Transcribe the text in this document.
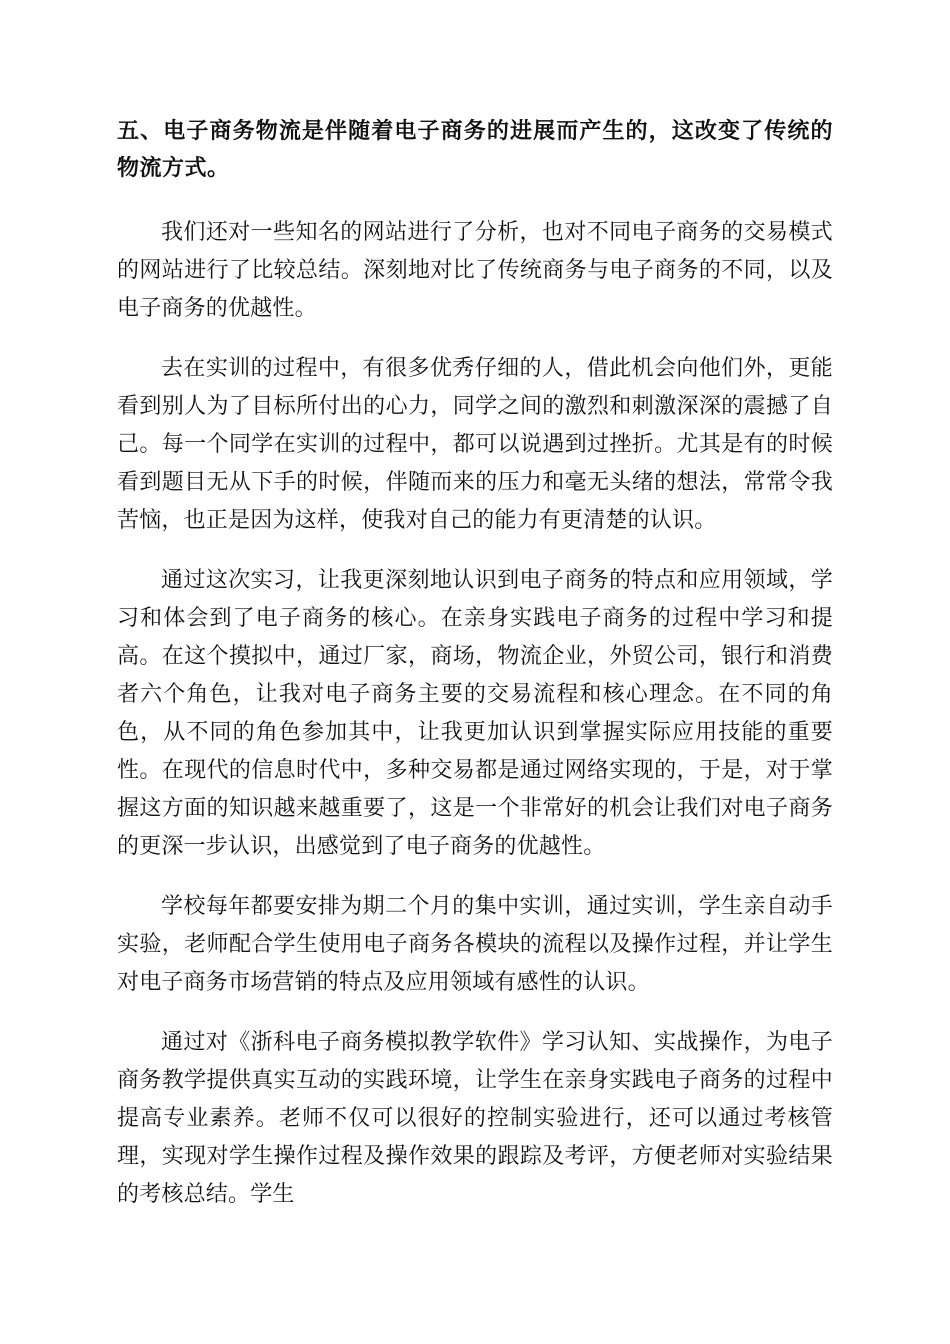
五、电子商务物流是伴随着电子商务的进展而产生的，这改变了传统的物流方式。

我们还对一些知名的网站进行了分析，也对不同电子商务的交易模式的网站进行了比较总结。深刻地对比了传统商务与电子商务的不同，以及电子商务的优越性。

去在实训的过程中，有很多优秀仔细的人，借此机会向他们外，更能看到别人为了目标所付出的心力，同学之间的激烈和刺激深深的震撼了自己。每一个同学在实训的过程中，都可以说遇到过挫折。尤其是有的时候看到题目无从下手的时候，伴随而来的压力和毫无头绪的想法，常常令我苦恼，也正是因为这样，使我对自己的能力有更清楚的认识。

通过这次实习，让我更深刻地认识到电子商务的特点和应用领域，学习和体会到了电子商务的核心。在亲身实践电子商务的过程中学习和提高。在这个摸拟中，通过厂家，商场，物流企业，外贸公司，银行和消费者六个角色，让我对电子商务主要的交易流程和核心理念。在不同的角色，从不同的角色参加其中，让我更加认识到掌握实际应用技能的重要性。在现代的信息时代中，多种交易都是通过网络实现的，于是，对于掌握这方面的知识越来越重要了，这是一个非常好的机会让我们对电子商务的更深一步认识，出感觉到了电子商务的优越性。

学校每年都要安排为期二个月的集中实训，通过实训，学生亲自动手实验，老师配合学生使用电子商务各模块的流程以及操作过程，并让学生对电子商务市场营销的特点及应用领域有感性的认识。

通过对《浙科电子商务模拟教学软件》学习认知、实战操作，为电子商务教学提供真实互动的实践环境，让学生在亲身实践电子商务的过程中提高专业素养。老师不仅可以很好的控制实验进行，还可以通过考核管理，实现对学生操作过程及操作效果的跟踪及考评，方便老师对实验结果的考核总结。学生
